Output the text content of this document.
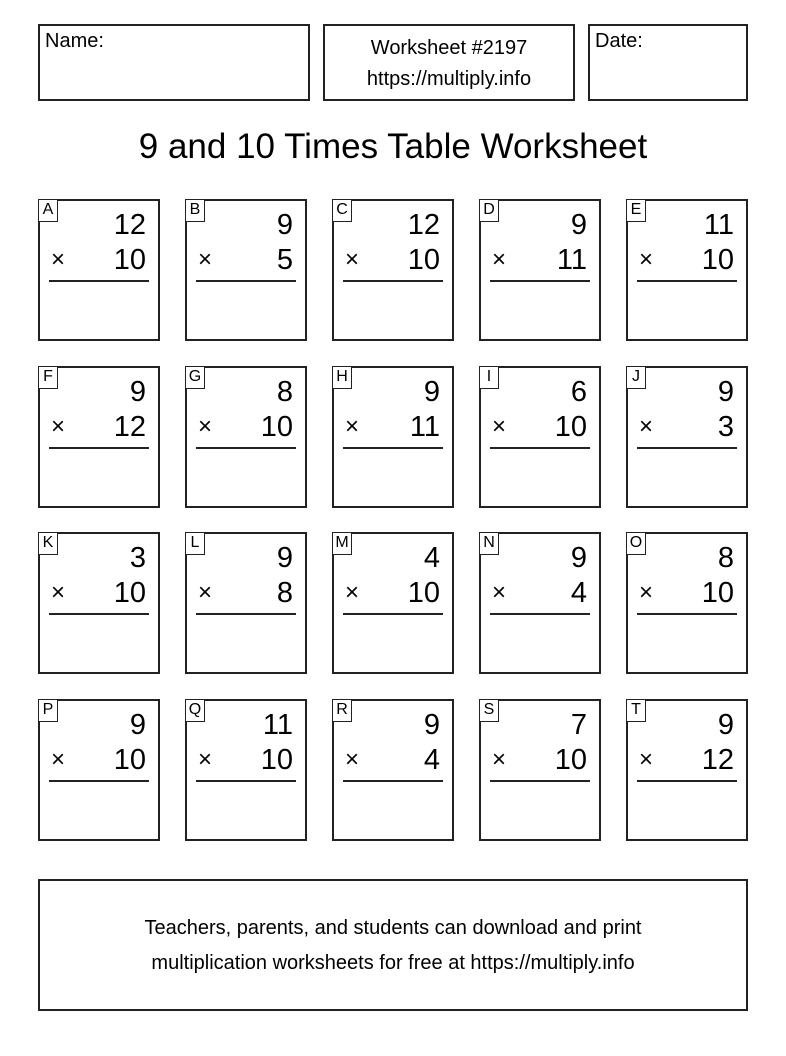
Name:	Worksheet #2197
https://multiply.info
Date:
9 and 10 Times Table Worksheet
A 12
× 10
B	9
× 5
C 12
× 10
D	9
× 11
E 11
× 10
F	9
× 12
G	8
× 10
H	9
× 11
I	6
× 10
J	9
× 3
K	3
× 10
L	9
× 8
M	4
× 10
N	9
× 4
O	8
× 10
P	9
× 10
Q 11
× 10
R	9
× 4
S	7
× 10
T	9
× 12
Teachers, parents, and students can download and print
multiplication worksheets for free at https://multiply.info
